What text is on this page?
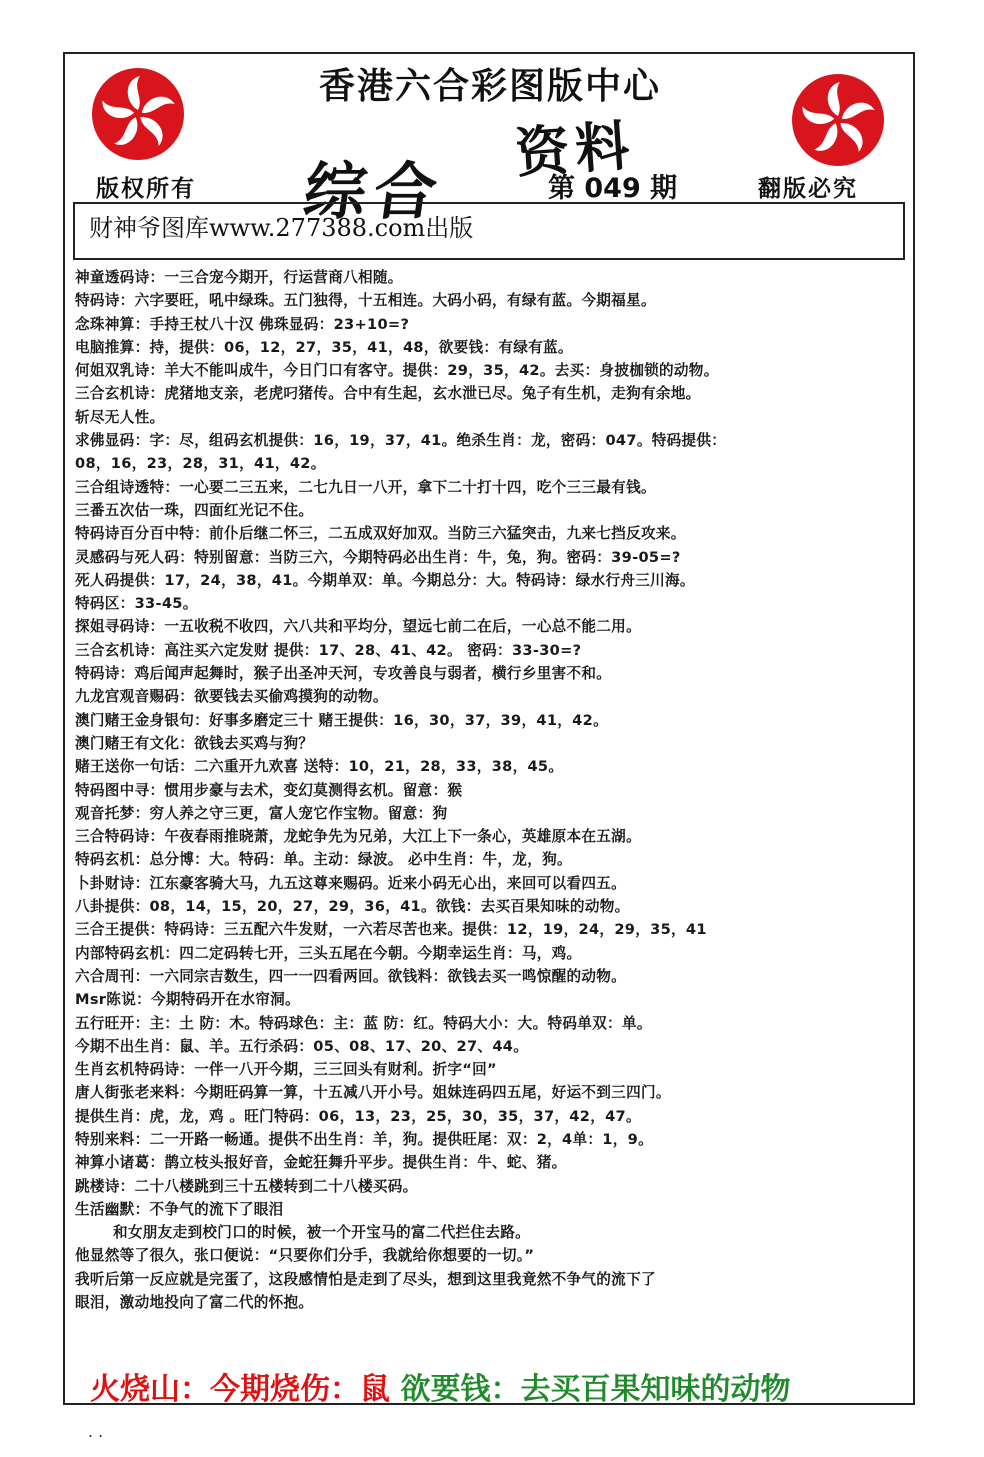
香港六合彩图版中心
综合
资料
第 049 期
版权所有	翻版必究
财神爷图库www.277388.com出版
神童透码诗：一三合宠今期开，行运营商八相随。
特码诗：六字要旺，吼中绿珠。五门独得，十五相连。大码小码，有绿有蓝。今期福星。
念珠神算：手持王杖八十汉 佛珠显码：23+10=?
电脑推算：持，提供：06，12，27，35，41，48，欲要钱：有绿有蓝。
何姐双乳诗：羊大不能叫成牛，今日门口有客守。提供：29，35，42。去买：身披枷锁的动物。
三合玄机诗：虎猪地支亲，老虎叼猪传。合中有生起，玄水泄已尽。兔子有生机，走狗有余地。
斩尽无人性。
求佛显码：字：尽，组码玄机提供：16，19，37，41。绝杀生肖：龙，密码：047。特码提供：
08，16，23，28，31，41，42。
三合组诗透特：一心要二三五来，二七九日一八开，拿下二十打十四，吃个三三最有钱。
三番五次估一珠，四面红光记不住。
特码诗百分百中特：前仆后继二怀三，二五成双好加双。当防三六猛突击，九来七挡反攻来。
灵感码与死人码：特别留意：当防三六，今期特码必出生肖：牛，兔，狗。密码：39-05=?
死人码提供：17，24，38，41。今期单双：单。今期总分：大。特码诗：绿水行舟三川海。
特码区：33-45。
探姐寻码诗：一五收税不收四，六八共和平均分，望远七前二在后，一心总不能二用。
三合玄机诗：高注买六定发财 提供：17、28、41、42。 密码：33-30=?
特码诗：鸡后闻声起舞时，猴子出圣冲天河，专攻善良与弱者，横行乡里害不和。
九龙宫观音赐码：欲要钱去买偷鸡摸狗的动物。
澳门赌王金身银句：好事多磨定三十 赌王提供：16，30，37，39，41，42。
澳门赌王有文化：欲钱去买鸡与狗？
赌王送你一句话：二六重开九欢喜 送特：10，21，28，33，38，45。
特码图中寻：惯用步豪与去术，变幻莫测得玄机。留意：猴
观音托梦：穷人养之守三更，富人宠它作宝物。留意：狗
三合特码诗：午夜春雨推晓萧，龙蛇争先为兄弟，大江上下一条心，英雄原本在五湖。
特码玄机：总分博：大。特码：单。主动：绿波。 必中生肖：牛，龙，狗。
卜卦财诗：江东豪客骑大马，九五这尊来赐码。近来小码无心出，来回可以看四五。
八卦提供：08，14，15，20，27，29，36，41。欲钱：去买百果知味的动物。
三合王提供：特码诗：三五配六牛发财，一六若尽苦也来。提供：12，19，24，29，35，41
内部特码玄机：四二定码转七开，三头五尾在今朝。今期幸运生肖：马，鸡。
六合周刊：一六同宗吉数生，四一一四看两回。欲钱料：欲钱去买一鸣惊醒的动物。
Msr陈说：今期特码开在水帘洞。
五行旺开：主：土 防：木。特码球色：主：蓝 防：红。特码大小：大。特码单双：单。
今期不出生肖：鼠、羊。五行杀码：05、08、17、20、27、44。
生肖玄机特码诗：一伴一八开今期，三三回头有财利。折字“回”
唐人街张老来料：今期旺码算一算，十五减八开小号。姐妹连码四五尾，好运不到三四门。
提供生肖：虎，龙，鸡 。旺门特码：06，13，23，25，30，35，37，42，47。
特别来料：二一开路一畅通。提供不出生肖：羊，狗。提供旺尾：双：2，4单：1，9。
神算小诸葛：鹊立枝头报好音，金蛇狂舞升平步。提供生肖：牛、蛇、猪。
跳楼诗：二十八楼跳到三十五楼转到二十八楼买码。
生活幽默：不争气的流下了眼泪
和女朋友走到校门口的时候，被一个开宝马的富二代拦住去路。
他显然等了很久，张口便说：“只要你们分手，我就给你想要的一切。”
我听后第一反应就是完蛋了，这段感情怕是走到了尽头，想到这里我竟然不争气的流下了
眼泪，激动地投向了富二代的怀抱。
火烧山：今期烧伤：鼠 欲要钱：去买百果知味的动物
. .
